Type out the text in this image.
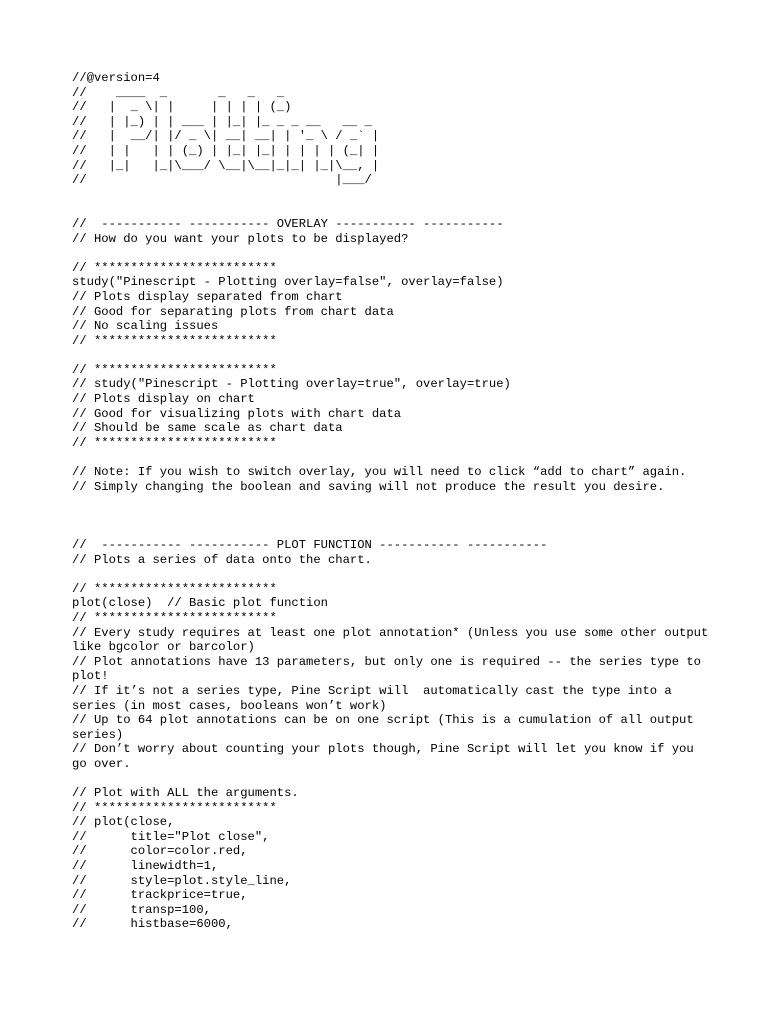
//@version=4
//    ____  _       _   _   _
//   |  _ \| |     | | | | (_)
//   | |_) | | ___ | |_| |_ _ _ __   __ _
//   |  __/| |/ _ \| __| __| | '_ \ / _` |
//   | |   | | (_) | |_| |_| | | | | (_| |
//   |_|   |_|\___/ \__|\__|_|_| |_|\__, |
//                                  |___/
//  ----------- ----------- OVERLAY ----------- -----------
// How do you want your plots to be displayed?
// *************************
study("Pinescript - Plotting overlay=false", overlay=false)
// Plots display separated from chart
// Good for separating plots from chart data
// No scaling issues
// *************************
// *************************
// study("Pinescript - Plotting overlay=true", overlay=true)
// Plots display on chart
// Good for visualizing plots with chart data
// Should be same scale as chart data
// *************************
// Note: If you wish to switch overlay, you will need to click “add to chart” again.
// Simply changing the boolean and saving will not produce the result you desire.
//  ----------- ----------- PLOT FUNCTION ----------- -----------
// Plots a series of data onto the chart.
// *************************
plot(close)  // Basic plot function
// *************************
// Every study requires at least one plot annotation* (Unless you use some other output like bgcolor or barcolor)
// Plot annotations have 13 parameters, but only one is required -- the series type to plot!
// If it’s not a series type, Pine Script will  automatically cast the type into a series (in most cases, booleans won’t work)
// Up to 64 plot annotations can be on one script (This is a cumulation of all output series)
// Don’t worry about counting your plots though, Pine Script will let you know if you go over.
// Plot with ALL the arguments.
// *************************
// plot(close,
//      title="Plot close",
//      color=color.red,
//      linewidth=1,
//      style=plot.style_line,
//      trackprice=true,
//      transp=100,
//      histbase=6000,
